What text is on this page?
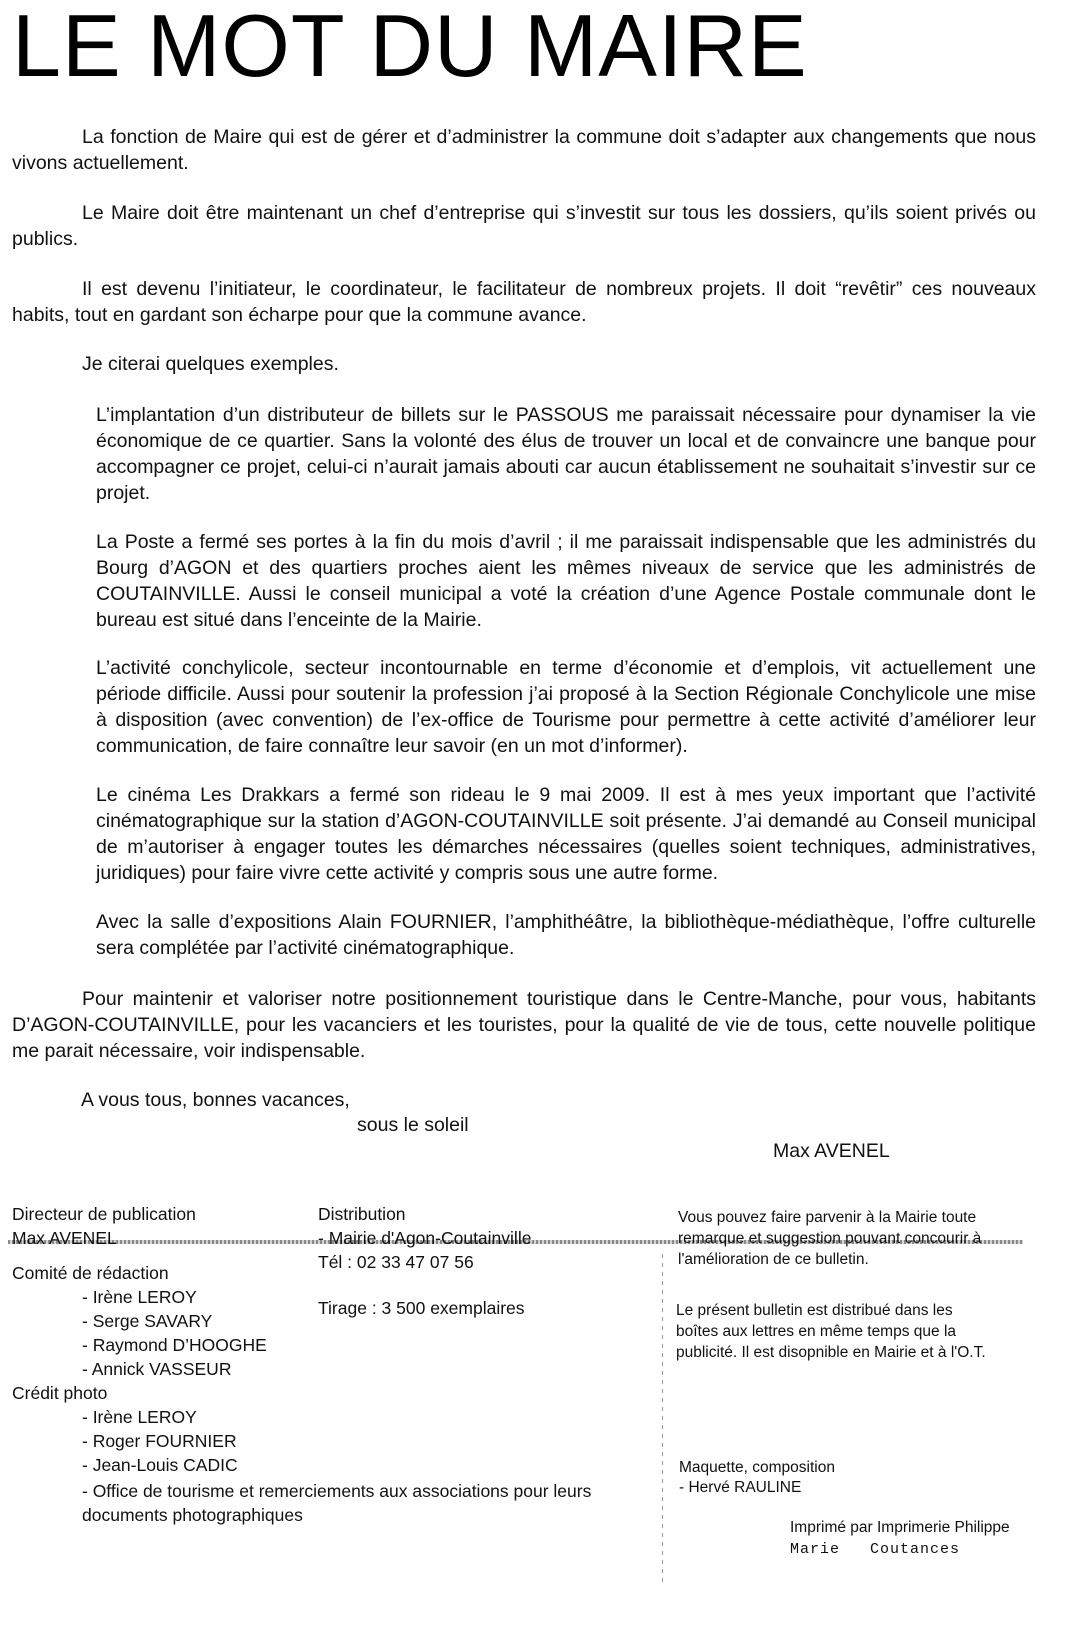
LE MOT DU MAIRE

La fonction de Maire qui est de gérer et d’administrer la commune doit s’adapter aux changements que nous vivons actuellement.

Le Maire doit être maintenant un chef d’entreprise qui s’investit sur tous les dossiers, qu’ils soient privés ou publics.

Il est devenu l’initiateur, le coordinateur, le facilitateur de nombreux projets. Il doit “revêtir” ces nouveaux habits, tout en gardant son écharpe pour que la commune avance.

Je citerai quelques exemples.

L’implantation d’un distributeur de billets sur le PASSOUS me paraissait nécessaire pour dynamiser la vie économique de ce quartier. Sans la volonté des élus de trouver un local et de convaincre une banque pour accompagner ce projet, celui-ci n’aurait jamais abouti car aucun établissement ne souhaitait s’investir sur ce projet.

La Poste a fermé ses portes à la fin du mois d’avril ; il me paraissait indispensable que les administrés du Bourg d’AGON et des quartiers proches aient les mêmes niveaux de service que les administrés de COUTAINVILLE. Aussi le conseil municipal a voté la création d’une Agence Postale communale dont le bureau est situé dans l’enceinte de la Mairie.

L’activité conchylicole, secteur incontournable en terme d’économie et d’emplois, vit actuellement une période difficile. Aussi pour soutenir la profession j’ai proposé à la Section Régionale Conchylicole une mise à disposition (avec convention) de l’ex-office de Tourisme pour permettre à cette activité d’améliorer leur communication, de faire connaître leur savoir (en un mot d’informer).

Le cinéma Les Drakkars a fermé son rideau le 9 mai 2009. Il est à mes yeux important que l’activité cinématographique sur la station d’AGON-COUTAINVILLE soit présente. J’ai demandé au Conseil municipal de m’autoriser à engager toutes les démarches nécessaires (quelles soient techniques, administratives, juridiques) pour faire vivre cette activité y compris sous une autre forme.

Avec la salle d’expositions Alain FOURNIER, l’amphithéâtre, la bibliothèque-médiathèque, l’offre culturelle sera complétée par l’activité cinématographique.

Pour maintenir et valoriser notre positionnement touristique dans le Centre-Manche, pour vous, habitants D’AGON-COUTAINVILLE, pour les vacanciers et les touristes, pour la qualité de vie de tous, cette nouvelle politique me parait nécessaire, voir indispensable.

A vous tous, bonnes vacances,

sous le soleil

Max AVENEL

Directeur de publication
Max AVENEL
Comité de rédaction
- Irène LEROY
- Serge SAVARY
- Raymond D’HOOGHE
- Annick VASSEUR
Crédit photo
- Irène LEROY
- Roger FOURNIER
- Jean-Louis CADIC
- Office de tourisme et remerciements aux associations pour leurs documents photographiques
Distribution
- Mairie d'Agon-Coutainville
Tél : 02 33 47 07 56
Tirage : 3 500 exemplaires

Vous pouvez faire parvenir à la Mairie toute remarque et suggestion pouvant concourir à l'amélioration de ce bulletin.

Le présent bulletin est distribué dans les boîtes aux lettres en même temps que la publicité. Il est disopnible en Mairie et à l'O.T.

Maquette, composition

- Hervé RAULINE

Imprimé par Imprimerie Philippe

Marie   Coutances
